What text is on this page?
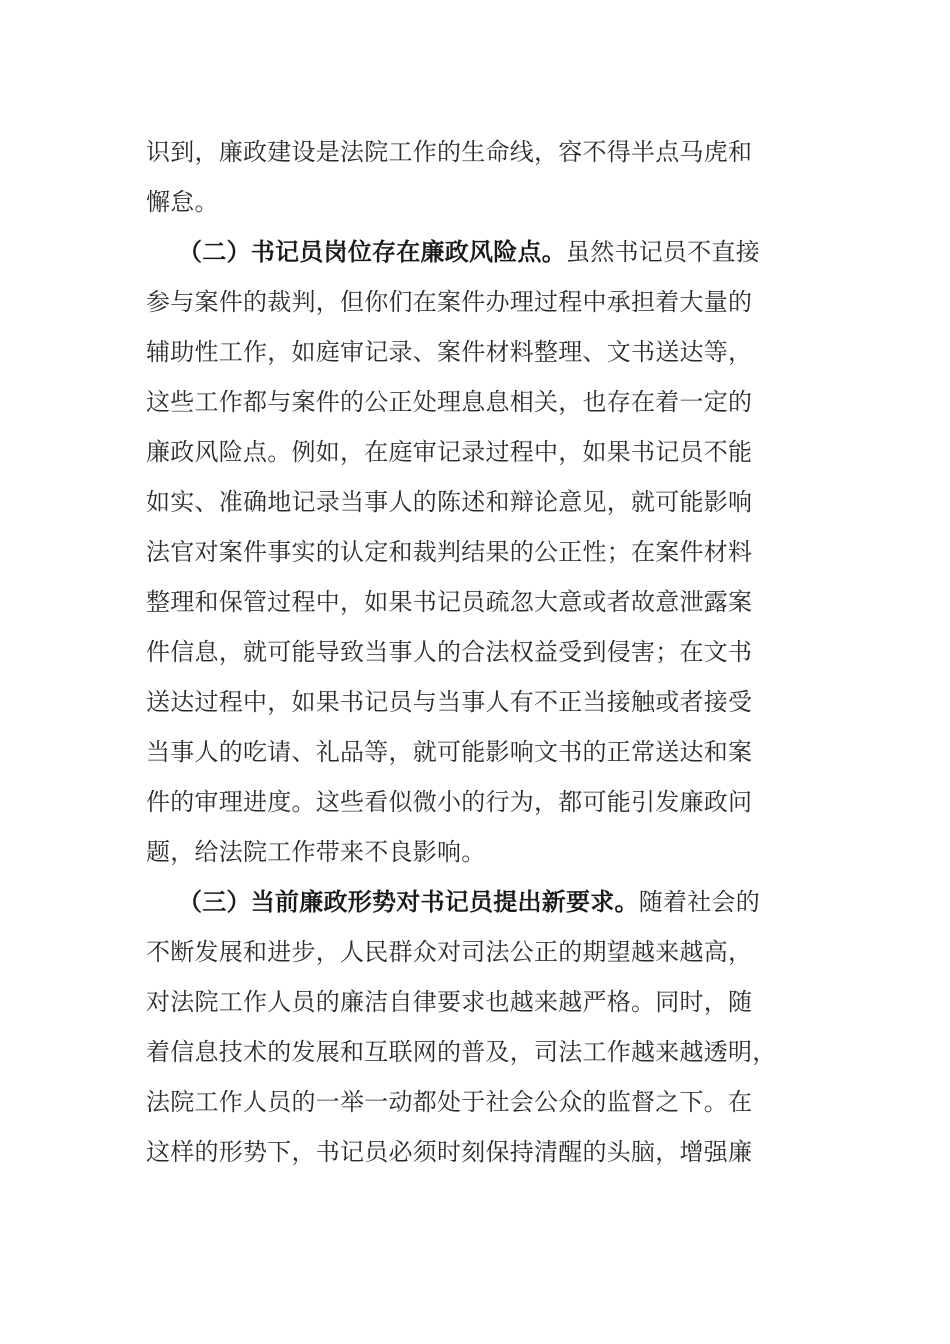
识到，廉政建设是法院工作的生命线，容不得半点马虎和
懈怠。
（二）书记员岗位存在廉政风险点。虽然书记员不直接
参与案件的裁判，但你们在案件办理过程中承担着大量的
辅助性工作，如庭审记录、案件材料整理、文书送达等，
这些工作都与案件的公正处理息息相关，也存在着一定的
廉政风险点。例如，在庭审记录过程中，如果书记员不能
如实、准确地记录当事人的陈述和辩论意见，就可能影响
法官对案件事实的认定和裁判结果的公正性；在案件材料
整理和保管过程中，如果书记员疏忽大意或者故意泄露案
件信息，就可能导致当事人的合法权益受到侵害；在文书
送达过程中，如果书记员与当事人有不正当接触或者接受
当事人的吃请、礼品等，就可能影响文书的正常送达和案
件的审理进度。这些看似微小的行为，都可能引发廉政问
题，给法院工作带来不良影响。
（三）当前廉政形势对书记员提出新要求。随着社会的
不断发展和进步，人民群众对司法公正的期望越来越高，
对法院工作人员的廉洁自律要求也越来越严格。同时，随
着信息技术的发展和互联网的普及，司法工作越来越透明，
法院工作人员的一举一动都处于社会公众的监督之下。在
这样的形势下，书记员必须时刻保持清醒的头脑，增强廉
